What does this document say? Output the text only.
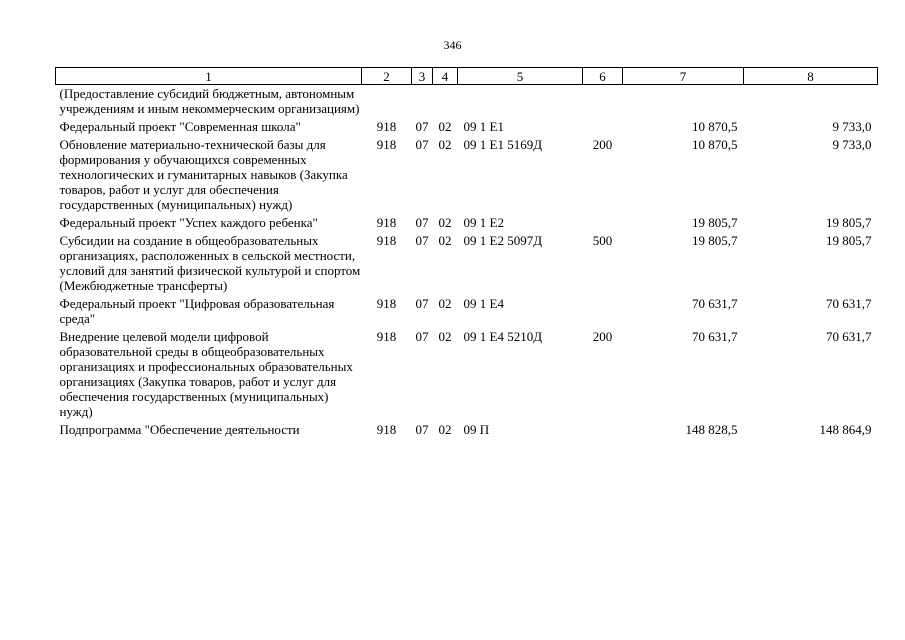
346
1	2	3	4	5	6	7	8
(Предоставление субсидий бюджетным, автономным учреждениям и иным некоммерческим организациям)							
Федеральный проект "Современная школа"	918	07	02	09 1 Е1		10 870,5	9 733,0
Обновление материально-технической базы для формирования у обучающихся современных технологических и гуманитарных навыков (Закупка товаров, работ и услуг для обеспечения государственных (муниципальных) нужд)	918	07	02	09 1 Е1 5169Д	200	10 870,5	9 733,0
Федеральный проект "Успех каждого ребенка"	918	07	02	09 1 Е2		19 805,7	19 805,7
Субсидии на создание в общеобразовательных организациях, расположенных в сельской местности, условий для занятий физической культурой и спортом (Межбюджетные трансферты)	918	07	02	09 1 Е2 5097Д	500	19 805,7	19 805,7
Федеральный проект "Цифровая образовательная среда"	918	07	02	09 1 Е4		70 631,7	70 631,7
Внедрение целевой модели цифровой образовательной среды в общеобразовательных организациях и профессиональных образовательных организациях (Закупка товаров, работ и услуг для обеспечения государственных (муниципальных) нужд)	918	07	02	09 1 Е4 5210Д	200	70 631,7	70 631,7
Подпрограмма "Обеспечение деятельности	918	07	02	09 П		148 828,5	148 864,9
